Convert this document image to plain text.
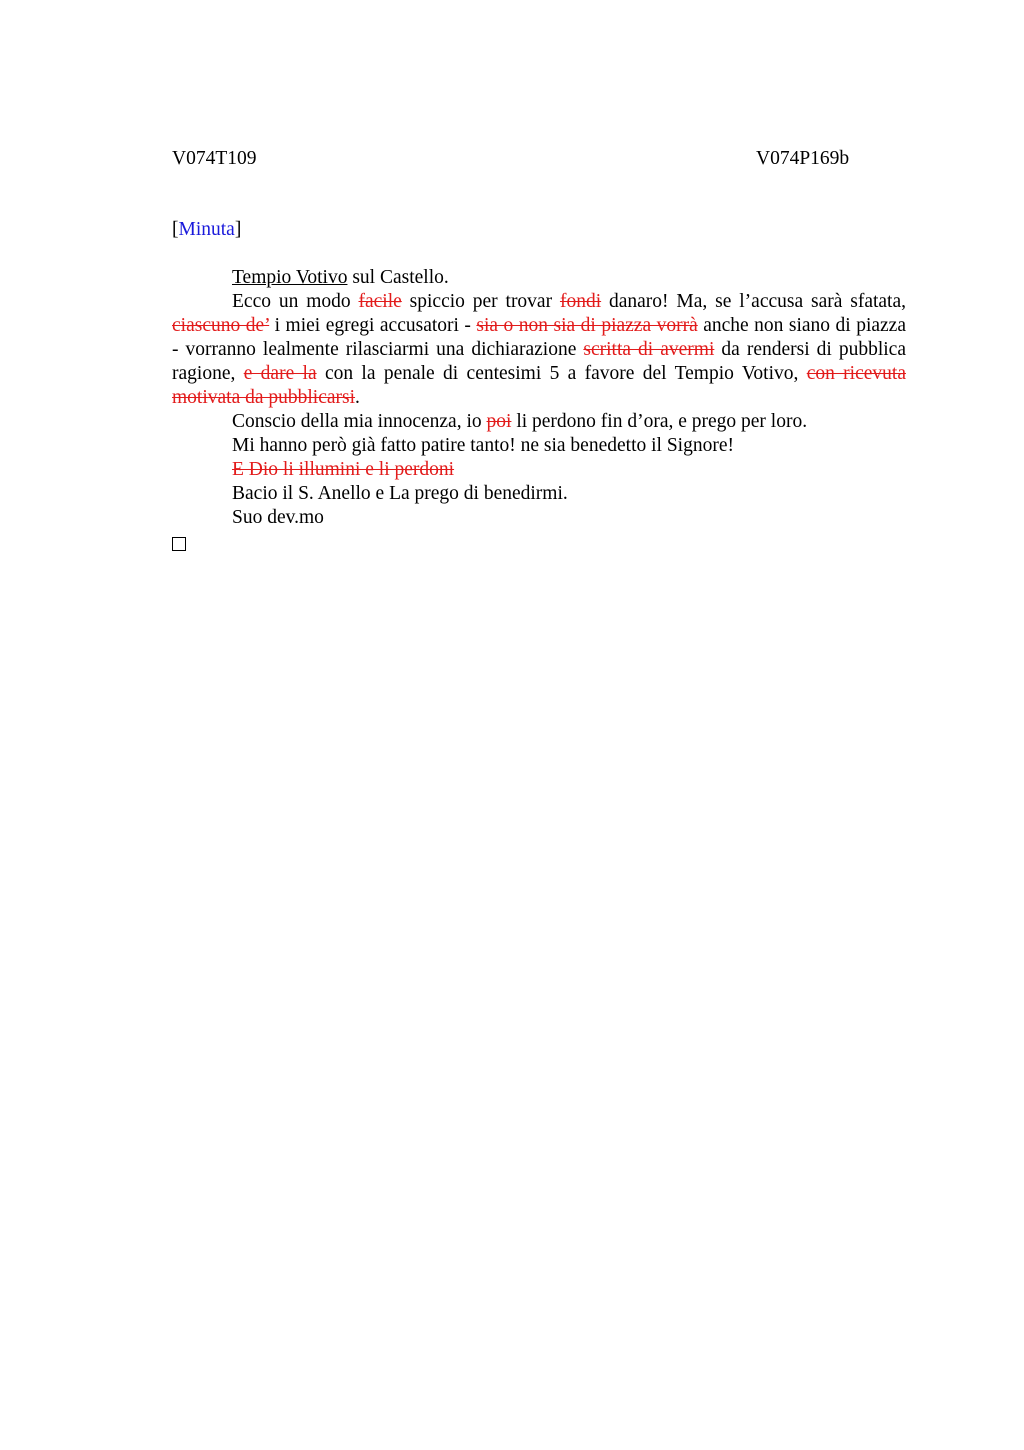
V074T109	V074P169b
[Minuta]

Tempio Votivo sul Castello.

Ecco un modo facile spiccio per trovar fondi danaro! Ma, se l’accusa sarà sfatata, ciascuno de’ i miei egregi accusatori - sia o non sia di piazza vorrà anche non siano di piazza - vorranno lealmente rilasciarmi una dichiarazione scritta di avermi da rendersi di pubblica ragione, e dare la con la penale di centesimi 5 a favore del Tempio Votivo, con ricevuta motivata da pubblicarsi.

Conscio della mia innocenza, io poi li perdono fin d’ora, e prego per loro.

Mi hanno però già fatto patire tanto! ne sia benedetto il Signore!

E Dio li illumini e li perdoni

Bacio il S. Anello e La prego di benedirmi.

Suo dev.mo
